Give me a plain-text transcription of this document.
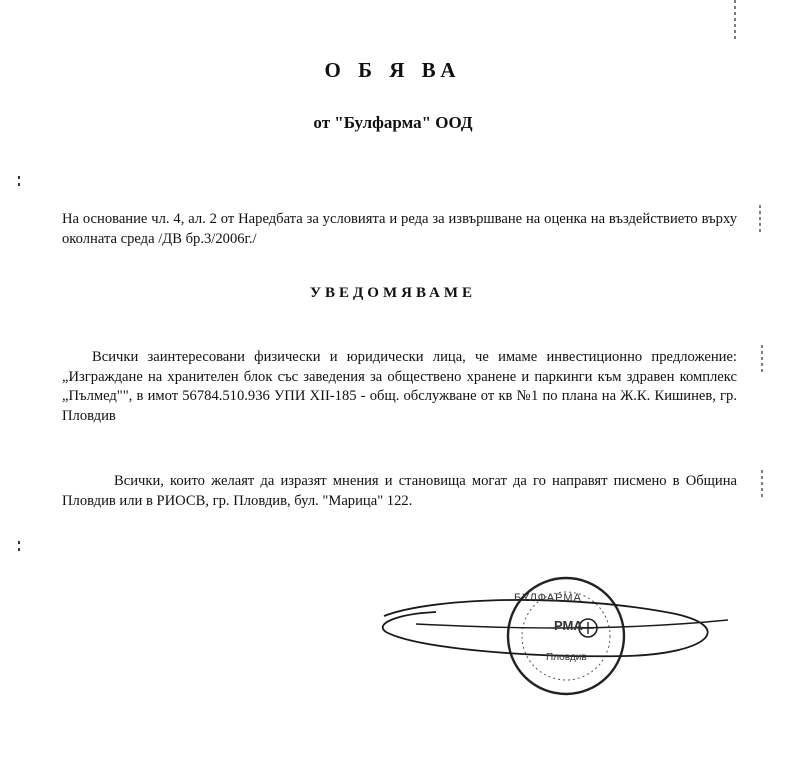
О Б Я ВА
от "Булфарма" ООД
На основание чл. 4, ал. 2 от Наредбата за условията и реда за извършване на оценка на въздействието върху околната среда /ДВ бр.3/2006г./
УВЕДОМЯВАМЕ
Всички заинтересовани физически и юридически лица, че имаме инвестиционно предложение: „Изграждане на хранителен блок със заведения за обществено хранене и паркинги към здравен комплекс „Пълмед"", в имот 56784.510.936 УПИ XII-185 - общ. обслужване от кв №1 по плана на Ж.К. Кишинев, гр. Пловдив
Всички, които желаят да изразят мнения и становища могат да го направят писмено в Община Пловдив или в РИОСВ, гр. Пловдив, бул. "Марица" 122.
БУЛФАРМА
РМА
Пловдив
